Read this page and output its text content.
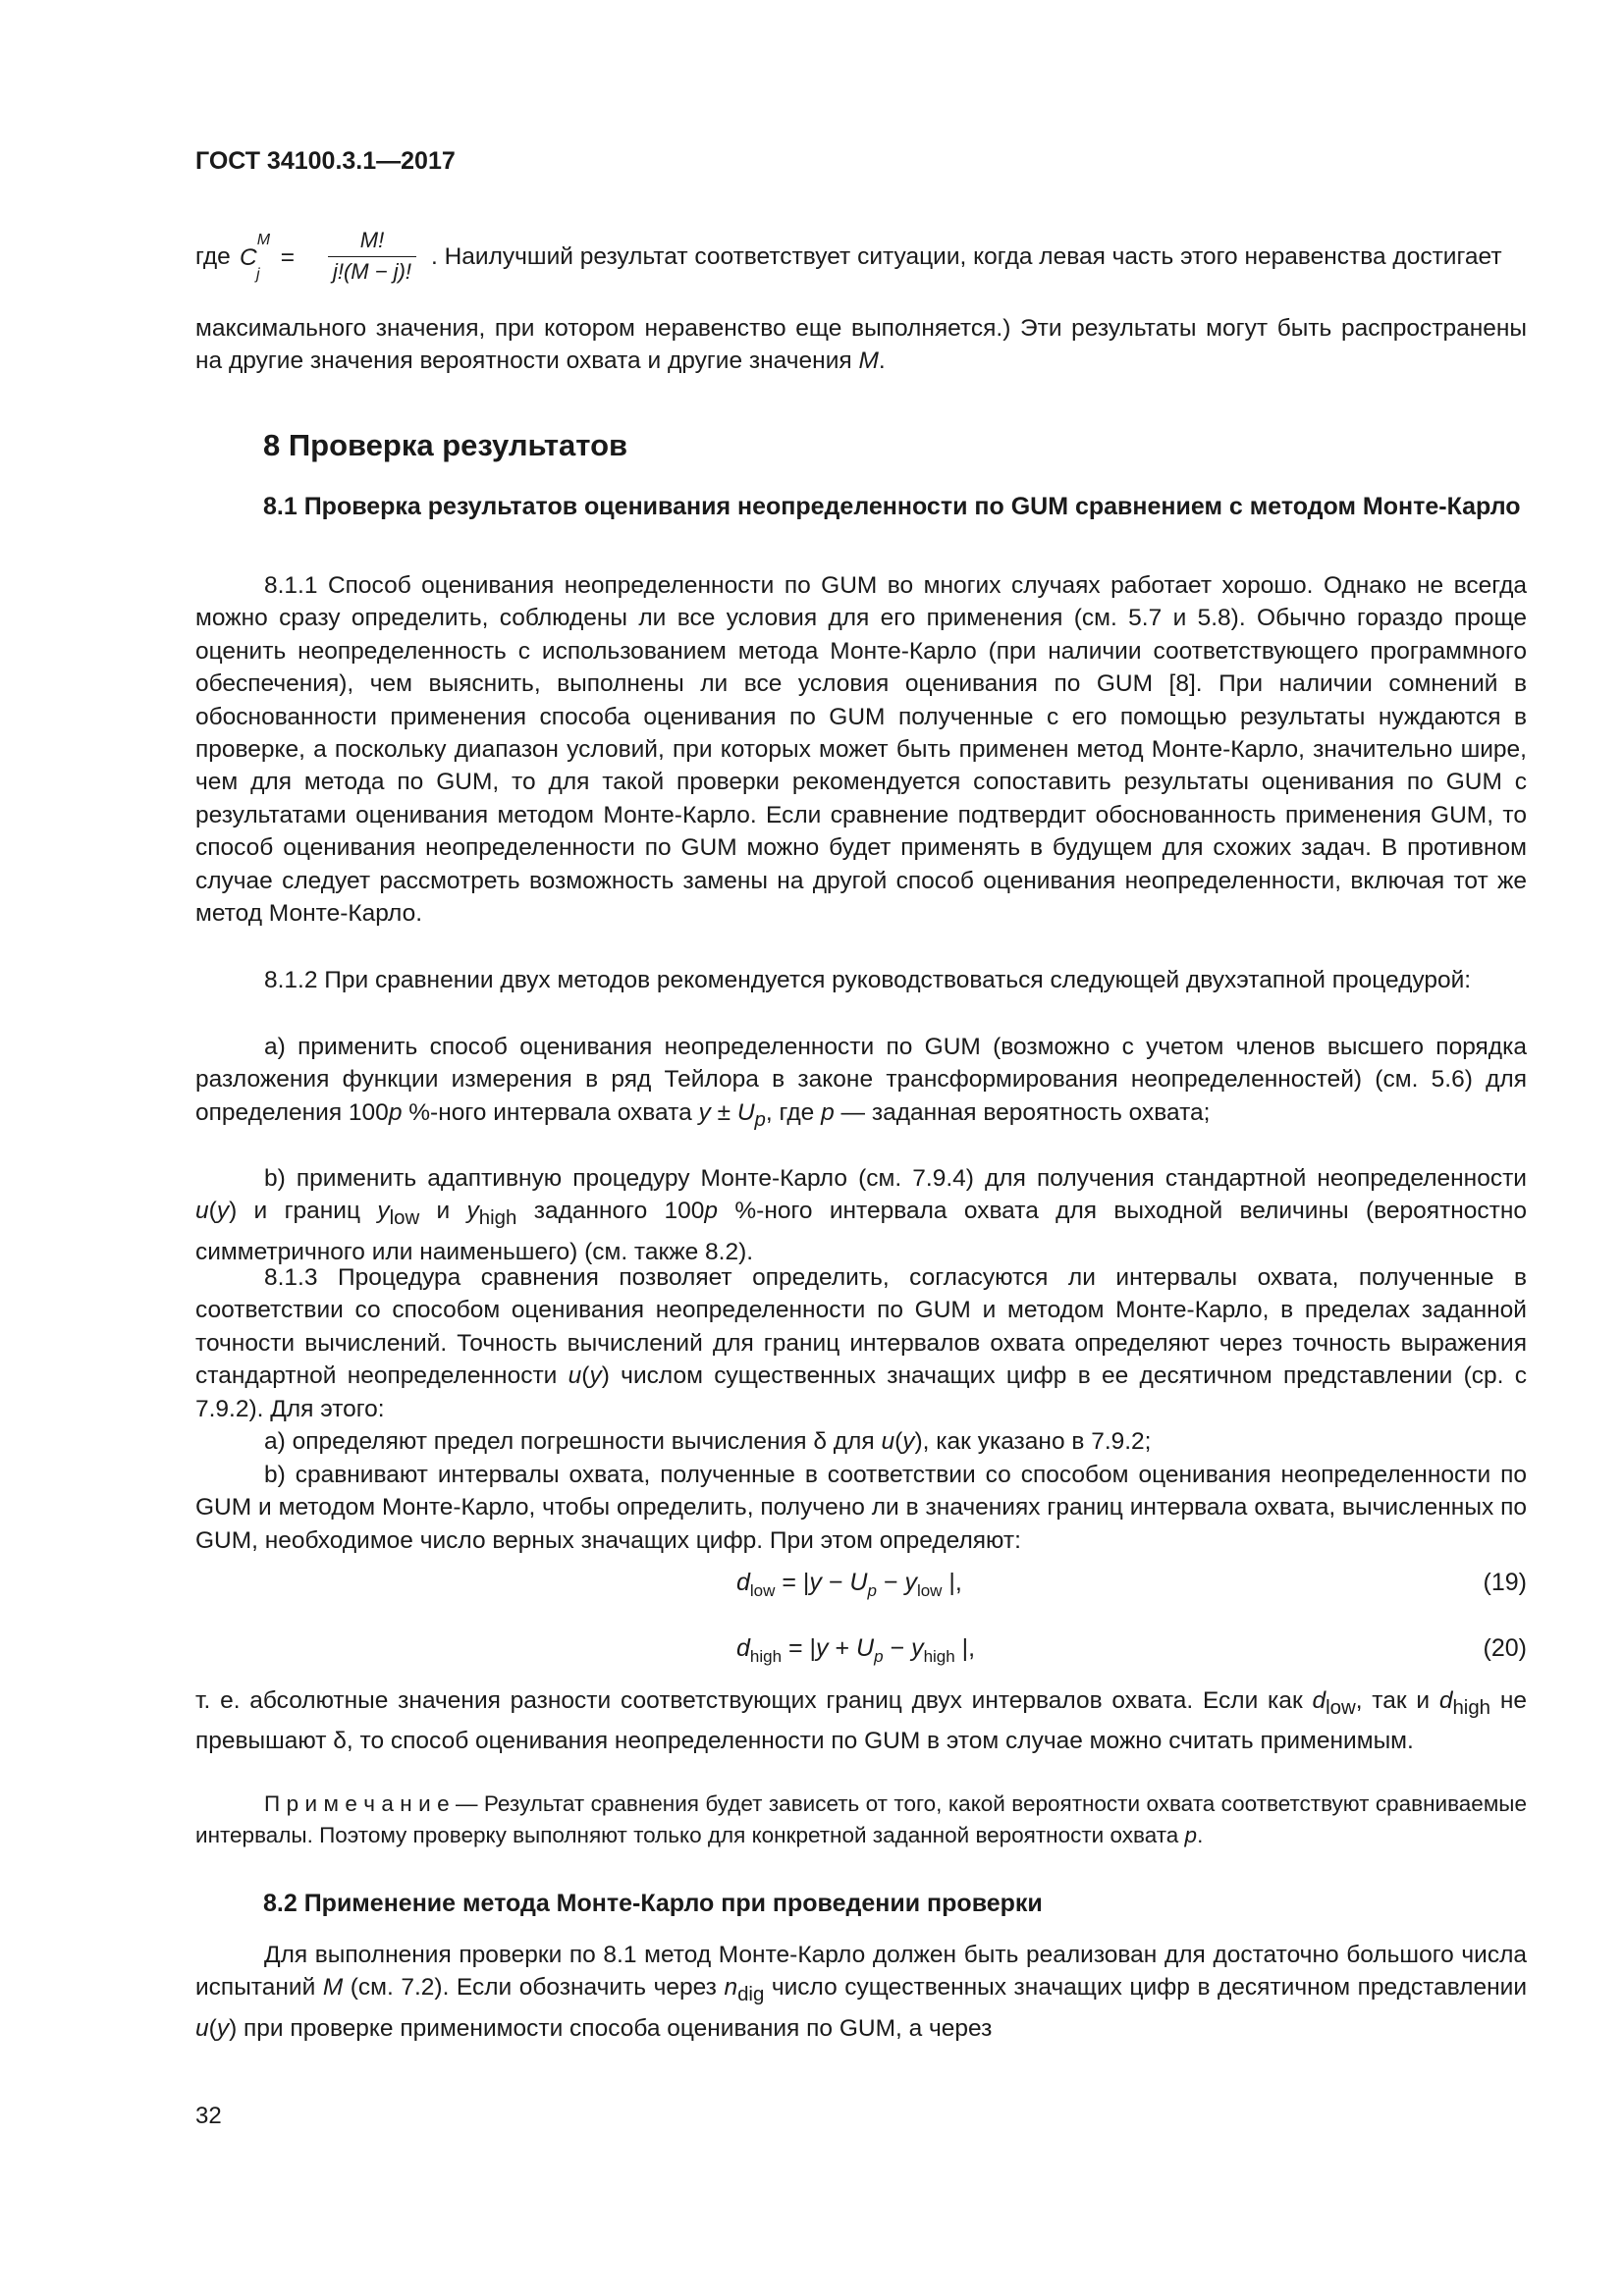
ГОСТ 34100.3.1—2017
где	. Наилучший результат соответствует ситуации, когда левая часть этого неравенства достигает
$C^M_j$ =
M!
j!(M − j)!
максимального значения, при котором неравенство еще выполняется.) Эти результаты могут быть распространены на другие значения вероятности охвата и другие значения M.
8 Проверка результатов
8.1 Проверка результатов оценивания неопределенности по GUM сравнением с методом Монте-Карло
8.1.1 Способ оценивания неопределенности по GUM во многих случаях работает хорошо. Однако не всегда можно сразу определить, соблюдены ли все условия для его применения (см. 5.7 и 5.8). Обычно гораздо проще оценить неопределенность с использованием метода Монте-Карло (при наличии соответствующего программного обеспечения), чем выяснить, выполнены ли все условия оценивания по GUM [8]. При наличии сомнений в обоснованности применения способа оценивания по GUM полученные с его помощью результаты нуждаются в проверке, а поскольку диапазон условий, при которых может быть применен метод Монте-Карло, значительно шире, чем для метода по GUM, то для такой проверки рекомендуется сопоставить результаты оценивания по GUM с результатами оценивания методом Монте-Карло. Если сравнение подтвердит обоснованность применения GUM, то способ оценивания неопределенности по GUM можно будет применять в будущем для схожих задач. В противном случае следует рассмотреть возможность замены на другой способ оценивания неопределенности, включая тот же метод Монте-Карло.
8.1.2 При сравнении двух методов рекомендуется руководствоваться следующей двухэтапной процедурой:
а) применить способ оценивания неопределенности по GUM (возможно с учетом членов высшего порядка разложения функции измерения в ряд Тейлора в законе трансформирования неопределенностей) (см. 5.6) для определения 100p %-ного интервала охвата $y \pm U_p$, где p — заданная вероятность охвата;
b) применить адаптивную процедуру Монте-Карло (см. 7.9.4) для получения стандартной неопределенности u(y) и границ $y_{low}$ и $y_{high}$ заданного 100p %-ного интервала охвата для выходной величины (вероятностно симметричного или наименьшего) (см. также 8.2).
8.1.3 Процедура сравнения позволяет определить, согласуются ли интервалы охвата, полученные в соответствии со способом оценивания неопределенности по GUM и методом Монте-Карло, в пределах заданной точности вычислений. Точность вычислений для границ интервалов охвата определяют через точность выражения стандартной неопределенности u(y) числом существенных значащих цифр в ее десятичном представлении (ср. с 7.9.2). Для этого:
а) определяют предел погрешности вычисления δ для u(y), как указано в 7.9.2;
b) сравнивают интервалы охвата, полученные в соответствии со способом оценивания неопределенности по GUM и методом Монте-Карло, чтобы определить, получено ли в значениях границ интервала охвата, вычисленных по GUM, необходимое число верных значащих цифр. При этом определяют:
$d_{low} = |y - U_p - y_{low}$ |,	(19)
$d_{high} = |y + U_p - y_{high}$ |,	(20)
т. е. абсолютные значения разности соответствующих границ двух интервалов охвата. Если как $d_{low}$, так и $d_{high}$ не превышают δ, то способ оценивания неопределенности по GUM в этом случае можно считать применимым.
П р и м е ч а н и е — Результат сравнения будет зависеть от того, какой вероятности охвата соответствуют сравниваемые интервалы. Поэтому проверку выполняют только для конкретной заданной вероятности охвата p.
8.2 Применение метода Монте-Карло при проведении проверки
Для выполнения проверки по 8.1 метод Монте-Карло должен быть реализован для достаточно большого числа испытаний M (см. 7.2). Если обозначить через $n_{dig}$ число существенных значащих цифр в десятичном представлении u(y) при проверке применимости способа оценивания по GUM, а через
32
